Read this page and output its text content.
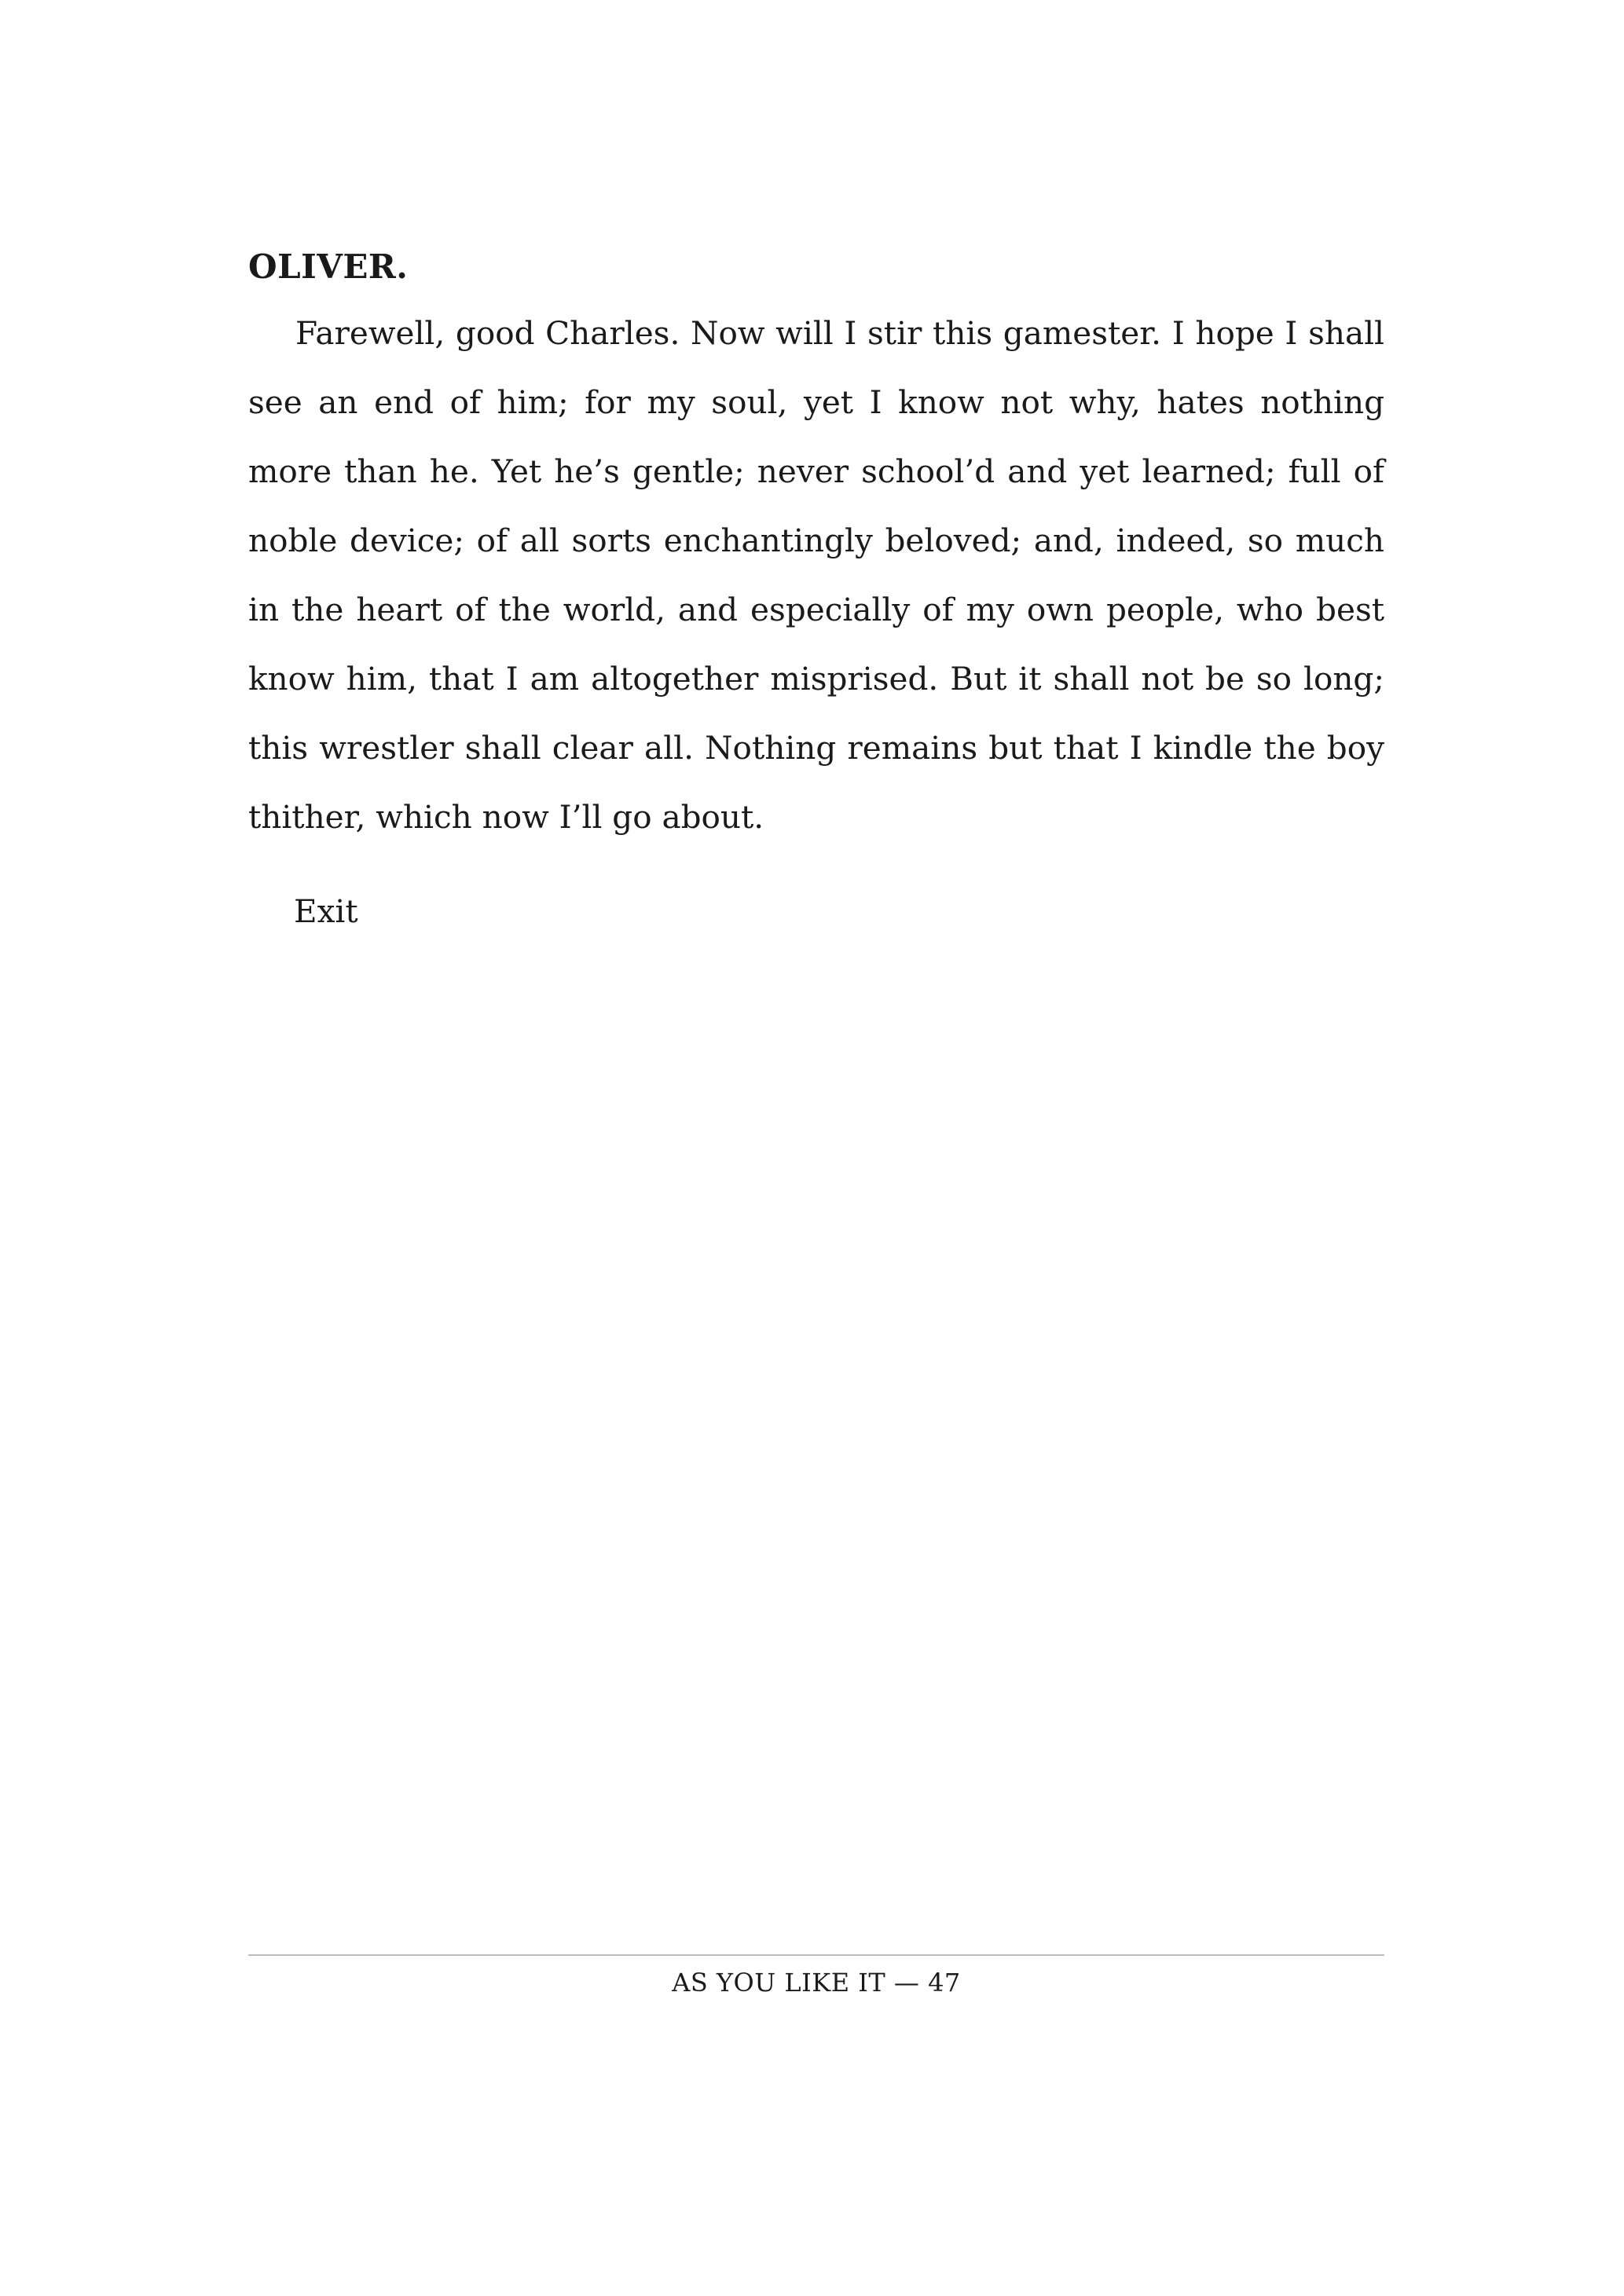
OLIVER.

Farewell, good Charles. Now will I stir this gamester. I hope I shall see an end of him; for my soul, yet I know not why, hates nothing more than he. Yet he’s gentle; never school’d and yet learned; full of noble device; of all sorts enchantingly beloved; and, indeed, so much in the heart of the world, and especially of my own people, who best know him, that I am altogether misprised. But it shall not be so long; this wrestler shall clear all. Nothing remains but that I kindle the boy thither, which now I’ll go about.

Exit

AS YOU LIKE IT — 47
